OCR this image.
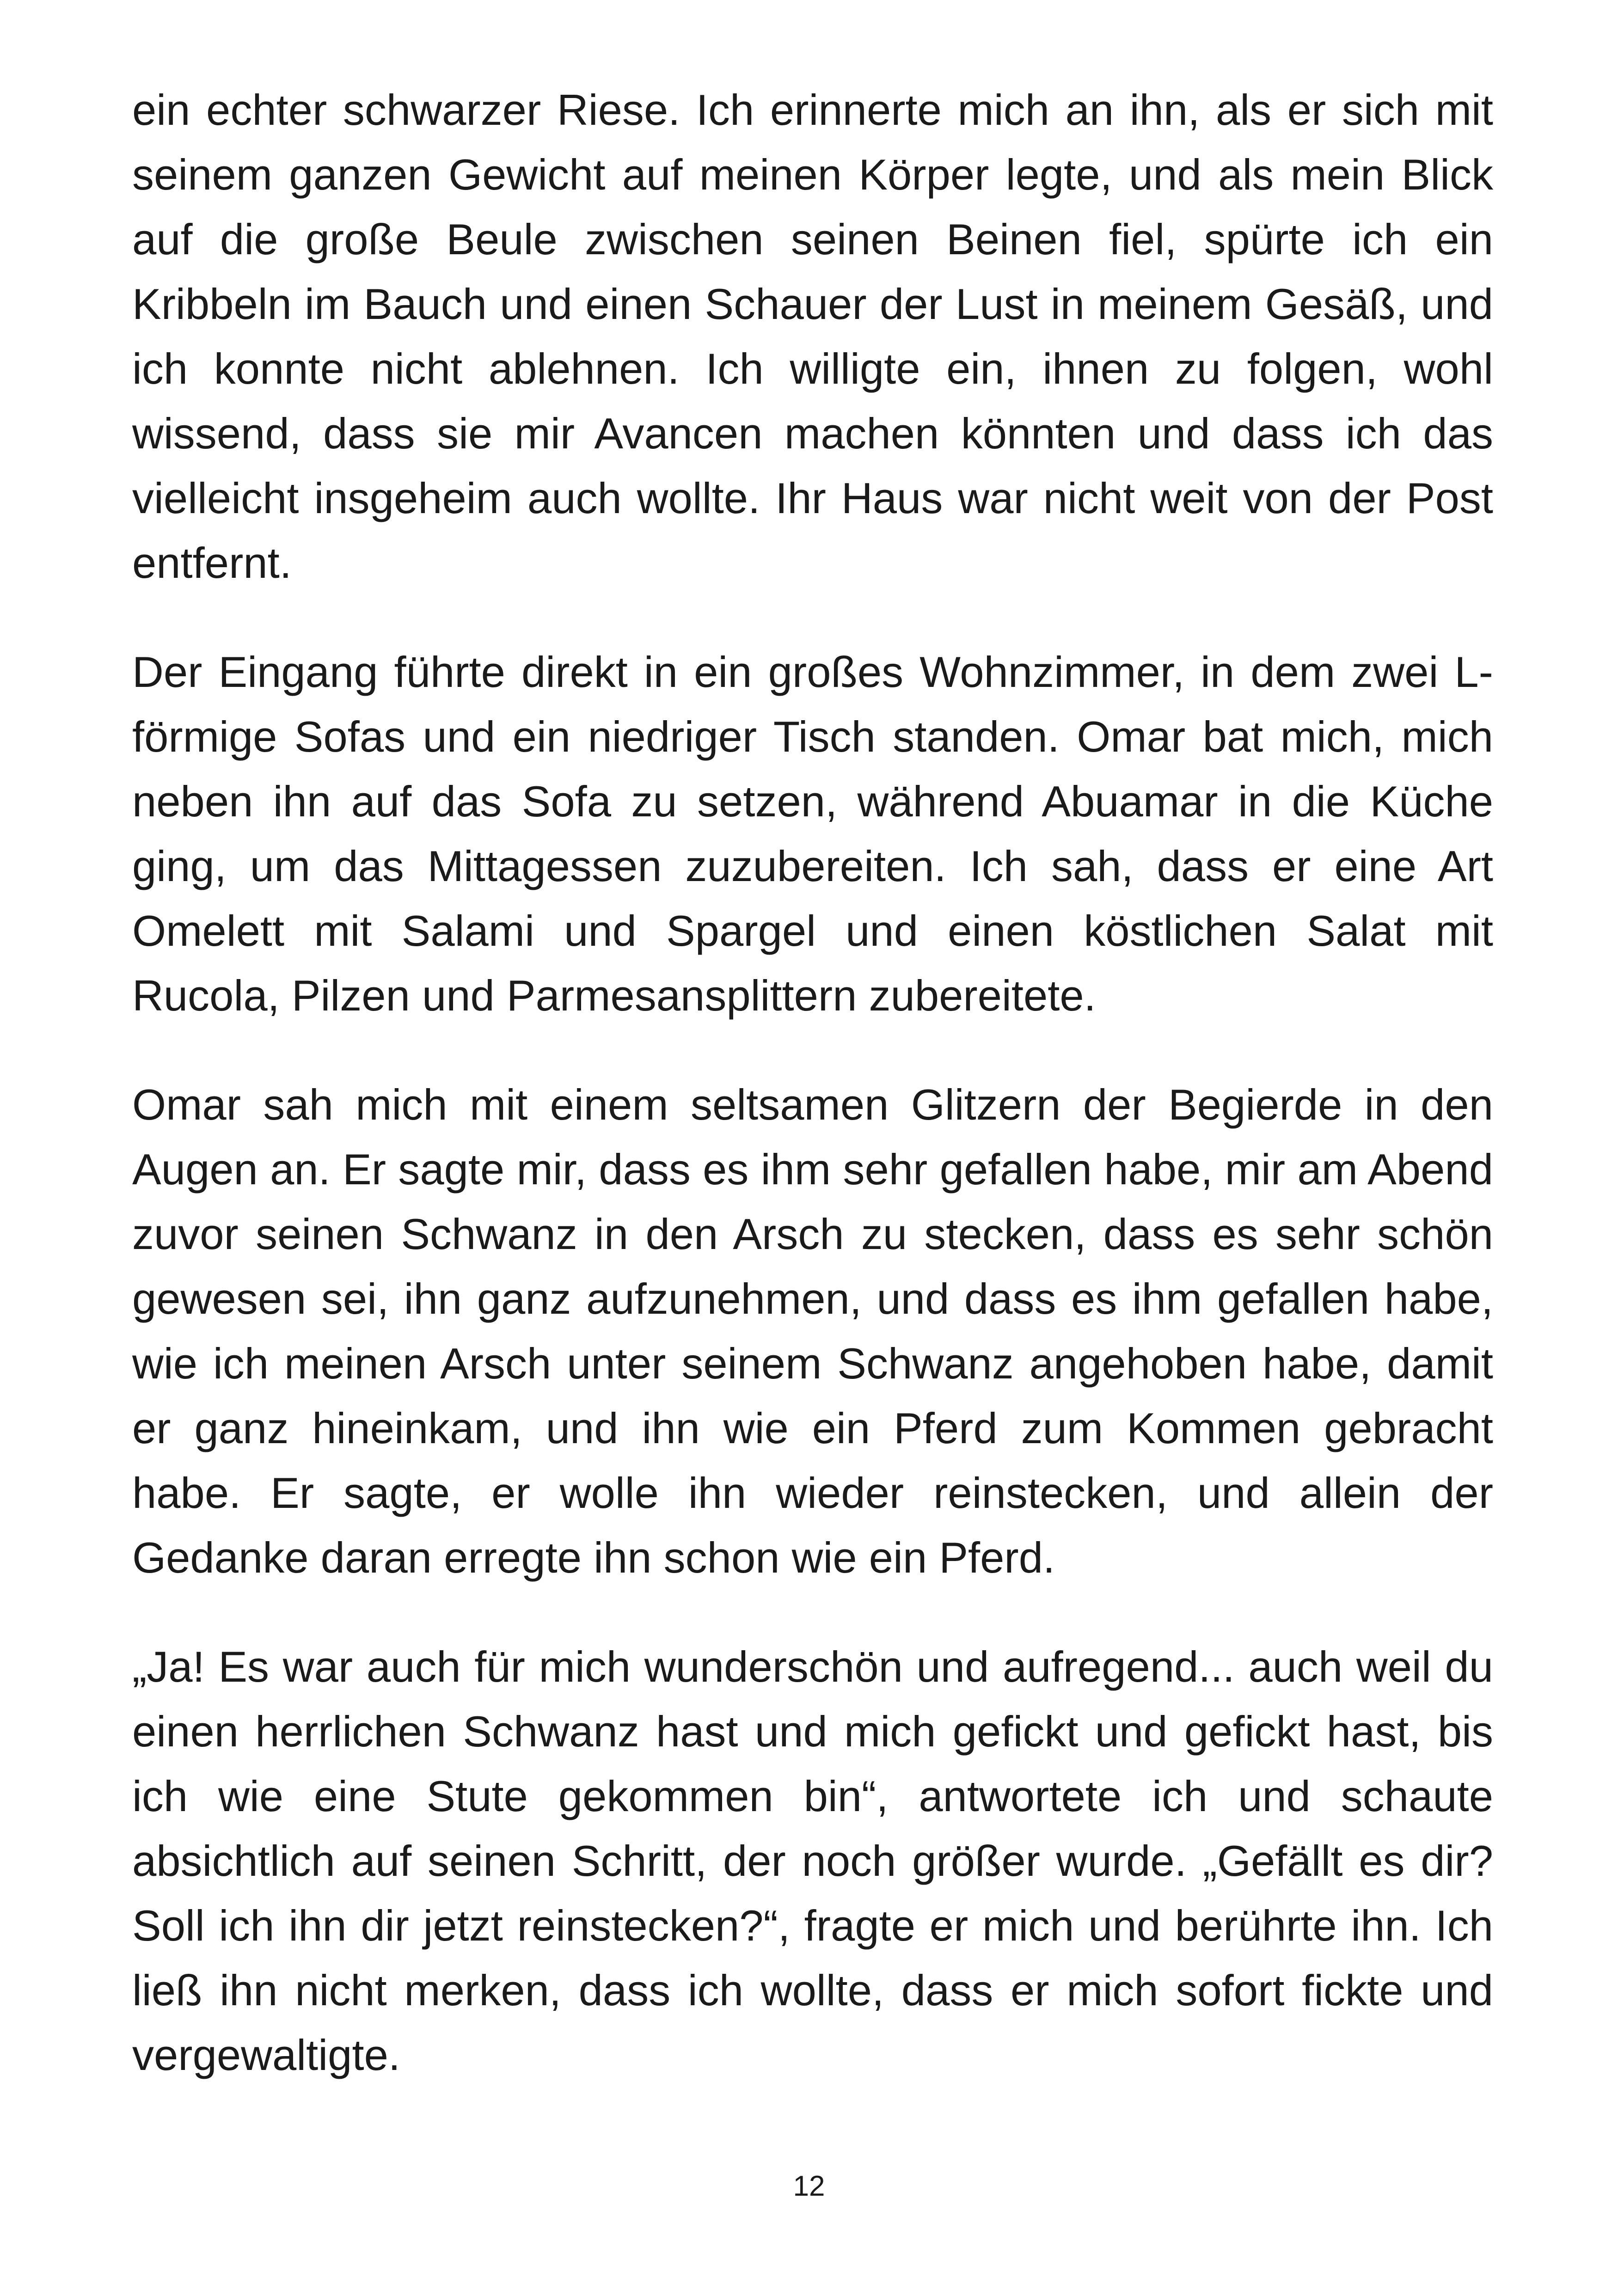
ein echter schwarzer Riese. Ich erinnerte mich an ihn, als er sich mit seinem ganzen Gewicht auf meinen Körper legte, und als mein Blick auf die große Beule zwischen seinen Beinen fiel, spürte ich ein Kribbeln im Bauch und einen Schauer der Lust in meinem Gesäß, und ich konnte nicht ablehnen. Ich willigte ein, ihnen zu folgen, wohl wissend, dass sie mir Avancen machen könnten und dass ich das vielleicht insgeheim auch wollte. Ihr Haus war nicht weit von der Post entfernt.

Der Eingang führte direkt in ein großes Wohnzimmer, in dem zwei L-förmige Sofas und ein niedriger Tisch standen. Omar bat mich, mich neben ihn auf das Sofa zu setzen, während Abuamar in die Küche ging, um das Mittagessen zuzubereiten. Ich sah, dass er eine Art Omelett mit Salami und Spargel und einen köstlichen Salat mit Rucola, Pilzen und Parmesansplittern zubereitete.

Omar sah mich mit einem seltsamen Glitzern der Begierde in den Augen an. Er sagte mir, dass es ihm sehr gefallen habe, mir am Abend zuvor seinen Schwanz in den Arsch zu stecken, dass es sehr schön gewesen sei, ihn ganz aufzunehmen, und dass es ihm gefallen habe, wie ich meinen Arsch unter seinem Schwanz angehoben habe, damit er ganz hineinkam, und ihn wie ein Pferd zum Kommen gebracht habe. Er sagte, er wolle ihn wieder reinstecken, und allein der Gedanke daran erregte ihn schon wie ein Pferd.

„Ja! Es war auch für mich wunderschön und aufregend... auch weil du einen herrlichen Schwanz hast und mich gefickt und gefickt hast, bis ich wie eine Stute gekommen bin“, antwortete ich und schaute absichtlich auf seinen Schritt, der noch größer wurde. „Gefällt es dir? Soll ich ihn dir jetzt reinstecken?“, fragte er mich und berührte ihn. Ich ließ ihn nicht merken, dass ich wollte, dass er mich sofort fickte und vergewaltigte.

12
